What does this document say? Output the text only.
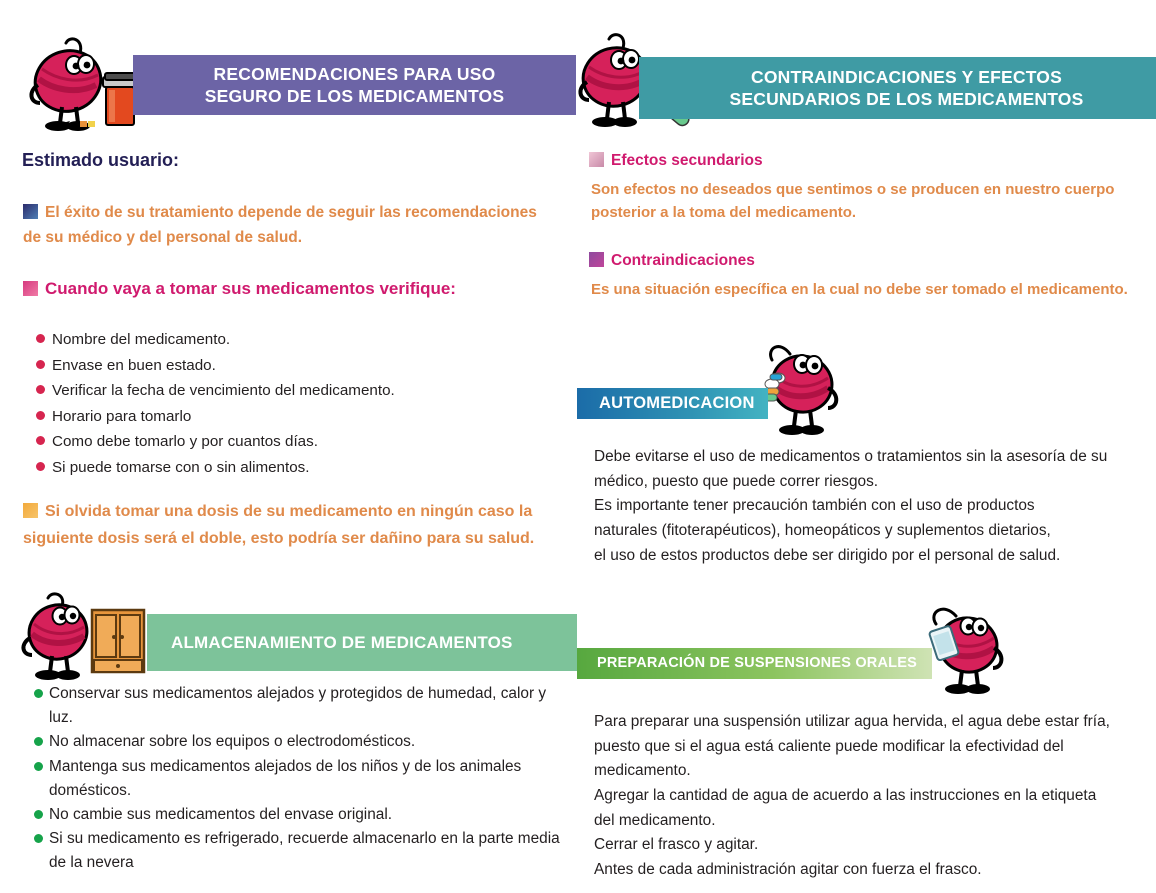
RECOMENDACIONES PARA USO
SEGURO DE LOS MEDICAMENTOS
CONTRAINDICACIONES Y EFECTOS
SECUNDARIOS DE LOS MEDICAMENTOS
Estimado usuario:
El éxito de su tratamiento depende de seguir las recomendaciones de su médico y del personal de salud.
Cuando vaya a tomar sus medicamentos verifique:
Nombre del medicamento.
Envase en buen estado.
Verificar la fecha de vencimiento del medicamento.
Horario para tomarlo
Como debe tomarlo y por cuantos días.
Si puede tomarse con o sin alimentos.
Si olvida tomar una dosis de su medicamento en ningún caso la siguiente dosis será el doble, esto podría ser dañino para su salud.
Efectos secundarios
Son efectos no deseados que sentimos o se producen en nuestro cuerpo posterior a la toma del medicamento.
Contraindicaciones
Es una situación específica en la cual no debe ser tomado el medicamento.
AUTOMEDICACION
Debe evitarse el uso de medicamentos o tratamientos sin la asesoría de su
médico, puesto que puede correr riesgos.
Es importante tener precaución también con el uso de productos
naturales (fitoterapéuticos), homeopáticos y suplementos dietarios,
el uso de estos productos debe ser dirigido por el personal de salud.
ALMACENAMIENTO DE MEDICAMENTOS
Conservar sus medicamentos alejados y protegidos de humedad, calor y luz.
No almacenar sobre los equipos o electrodomésticos.
Mantenga sus medicamentos alejados de los niños y de los animales domésticos.
No cambie sus medicamentos del envase original.
Si su medicamento es refrigerado, recuerde almacenarlo en la parte media de la nevera
PREPARACIÓN DE SUSPENSIONES ORALES
Para preparar una suspensión utilizar agua hervida, el agua debe estar fría,
puesto que si el agua está caliente puede modificar la efectividad del
medicamento.
Agregar la cantidad de agua de acuerdo a las instrucciones en la etiqueta
del medicamento.
Cerrar el frasco y agitar.
Antes de cada administración agitar con fuerza el frasco.
